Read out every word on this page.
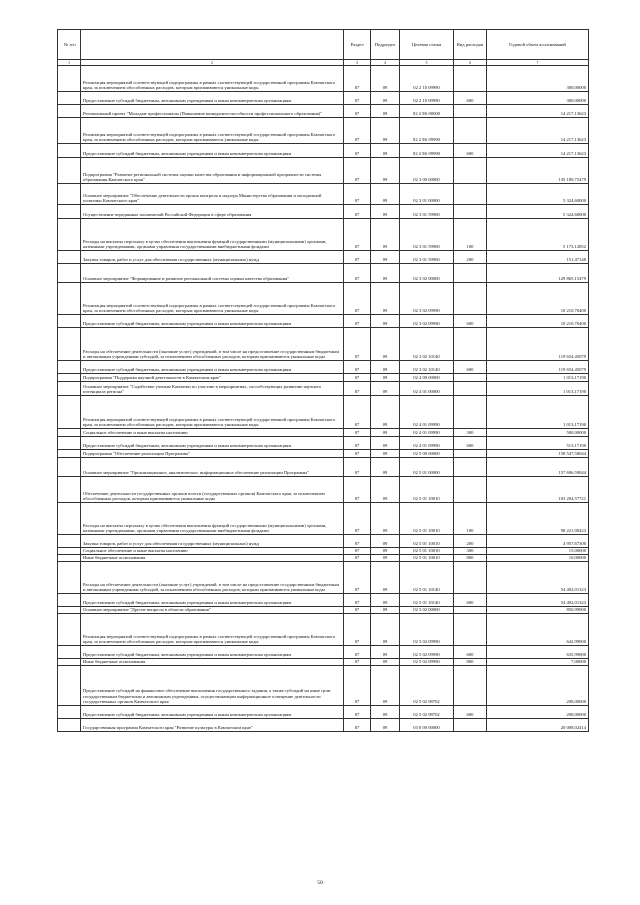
№ п/п		Раздел	Подраздел	Целевая статья	Вид расходов	Годовой объем ассигнований
1	2	3	4	5	6	7
	Реализация мероприятий соответствующей подпрограммы в рамках соответствующей государственной программы Камчатского края, за исключением обособленных расходов, которым присваиваются уникальные коды	07	09	02 2 10 09990		300,00000
	Предоставление субсидий бюджетным, автономным учреждениям и иным некоммерческим организациям	07	09	02 2 10 09990	600	300,00000
	Региональный проект "Молодые профессионалы (Повышение конкурентоспособности профессионального образования)"	07	09	02 2 E6 00000		14 217,13623
	Реализация мероприятий соответствующей подпрограммы в рамках соответствующей государственной программы Камчатского края, за исключением обособленных расходов, которым присваиваются уникальные коды	07	09	02 2 E6 09990		14 217,13623
	Предоставление субсидий бюджетным, автономным учреждениям и иным некоммерческим организациям	07	09	02 2 E6 09990	600	14 217,13623
	Подпрограмма "Развитие региональной системы оценки качества образования и информационной прозрачности системы образования Камчатского края"	07	09	02 3 00 00000		135 189,75479
	Основное мероприятие "Обеспечение деятельности органа контроля и надзора Министерства образования и молодежной политики Камчатского края"	07	09	02 3 01 00000		5 324,60000
	Осуществление переданных полномочий Российской Федерации в сфере образования	07	09	02 3 01 59900		5 324,60000
	Расходы на выплаты персоналу в целях обеспечения выполнения функций государственными (муниципальными) органами, казенными учреждениями, органами управления государственными внебюджетными фондами	07	09	02 3 01 59900	100	5 173,12852
	Закупка товаров, работ и услуг для обеспечения государственных (муниципальных) нужд	07	09	02 3 01 59900	200	151,47148
	Основное мероприятие "Формирование и развитие региональной системы оценки качества образования"	07	09	02 3 02 00000		129 865,15479
	Реализация мероприятий соответствующей подпрограммы в рамках соответствующей государственной программы Камчатского края, за исключением обособленных расходов, которым присваиваются уникальные коды	07	09	02 3 02 09990		10 210,70400
	Предоставление субсидий бюджетным, автономным учреждениям и иным некоммерческим организациям	07	09	02 3 02 09990	600	10 210,70400
	Расходы на обеспечение деятельности (оказание услуг) учреждений, в том числе на предоставление государственным бюджетным и автономным учреждениям субсидий, за исключением обособленных расходов, которым присваиваются уникальные коды	07	09	02 3 02 10140		119 654,45079
	Предоставление субсидий бюджетным, автономным учреждениям и иным некоммерческим организациям	07	09	02 3 02 10140	600	119 654,45079
	Подпрограмма "Поддержка научной деятельности в Камчатском крае"	07	09	02 4 00 00000		1 013,17190
	Основное мероприятие "Содействие ученым Камчатки по участию в мероприятиях, способствующих развитию научного потенциала региона"	07	09	02 4 01 00000		1 013,17190
	Реализация мероприятий соответствующей подпрограммы в рамках соответствующей государственной программы Камчатского края, за исключением обособленных расходов, которым присваиваются уникальные коды	07	09	02 4 01 09990		1 013,17190
	Социальное обеспечение и иные выплаты населению	07	09	02 4 01 09990	300	500,00000
	Предоставление субсидий бюджетным, автономным учреждениям и иным некоммерческим организациям	07	09	02 4 01 09990	600	513,17190
	Подпрограмма "Обеспечение реализации Программы"	07	09	02 5 00 00000		158 547,58044
	Основное мероприятие "Организационное, аналитическое, информационное обеспечение реализации Программы"	07	09	02 5 01 00000		157 696,59044
	Обеспечение деятельности государственных органов власти (государственных органов) Камчатского края, за исключением обособленных расходов, которым присваиваются уникальные коды	07	09	02 5 01 10010		103 204,57721
	Расходы на выплаты персоналу в целях обеспечения выполнения функций государственными (муниципальными) органами, казенными учреждениями, органами управления государственными внебюджетными фондами	07	09	02 5 01 10010	100	98 221,90423
	Закупка товаров, работ и услуг для обеспечения государственных (муниципальных) нужд	07	09	02 5 01 10010	200	4 957,67300
	Социальное обеспечение и иные выплаты населению	07	09	02 5 01 10010	300	15,00000
	Иные бюджетные ассигнования	07	09	02 5 01 10010	800	10,00000
	Расходы на обеспечение деятельности (оказание услуг) учреждений, в том числе на предоставление государственным бюджетным и автономным учреждениям субсидий, за исключением обособленных расходов, которым присваиваются уникальные коды	07	09	02 5 01 10140		54 492,01323
	Предоставление субсидий бюджетным, автономным учреждениям и иным некоммерческим организациям	07	09	02 5 01 10140	600	54 492,01323
	Основное мероприятие "Другие вопросы в области образования"	07	09	02 5 02 00000		850,99000
	Реализация мероприятий соответствующей подпрограммы в рамках соответствующей государственной программы Камчатского края, за исключением обособленных расходов, которым присваиваются уникальные коды	07	09	02 5 02 09990		642,99000
	Предоставление субсидий бюджетным, автономным учреждениям и иным некоммерческим организациям	07	09	02 5 02 09990	600	635,99000
	Иные бюджетные ассигнования	07	09	02 5 02 09990	800	7,00000
	Предоставление субсидий на финансовое обеспечение выполнения государственного задания, а также субсидий на иные цели государственным бюджетным и автономным учреждениям, осуществляющим информационное освещение деятельности государственных органов Камчатского края	07	09	02 5 02 98702		208,00000
	Предоставление субсидий бюджетным, автономным учреждениям и иным некоммерческим организациям	07	09	02 5 02 98702	600	208,00000
	Государственная программа Камчатского края "Развитие культуры в Камчатском крае"	07	09	03 0 00 00000		20 008,02414
50
